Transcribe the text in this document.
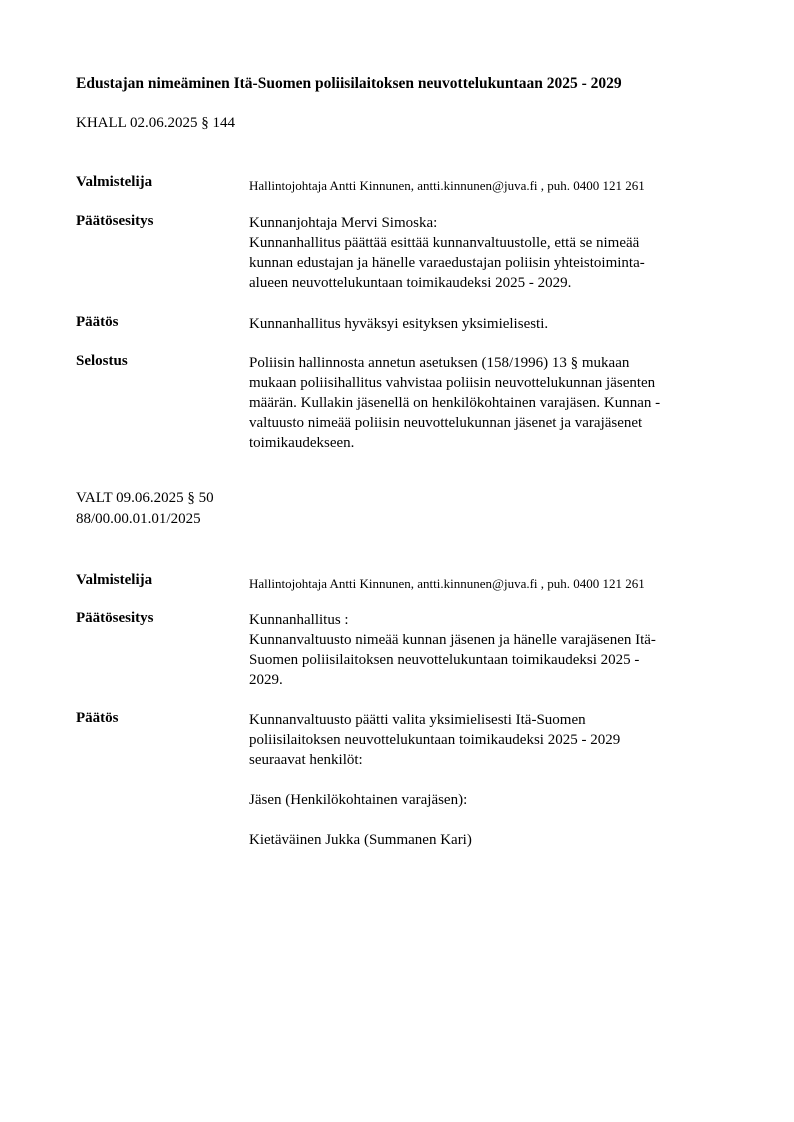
Edustajan nimeäminen Itä-Suomen poliisilaitoksen neuvottelukuntaan 2025 - 2029
KHALL 02.06.2025 § 144
Valmistelija	Hallintojohtaja Antti Kinnunen, antti.kinnunen@juva.fi , puh. 0400 121 261
Päätösesitys	Kunnanjohtaja Mervi Simoska:
Kunnanhallitus päättää esittää kunnanvaltuustolle, että se nimeää
kunnan edustajan ja hänelle varaedustajan poliisin yhteistoiminta-
alueen neuvottelukuntaan toimikaudeksi 2025 - 2029.
Päätös	Kunnanhallitus hyväksyi esityksen yksimielisesti.
Selostus	Poliisin hallinnosta annetun asetuksen (158/1996) 13 § mukaan
mukaan poliisihallitus vahvistaa poliisin neuvottelukunnan jäsenten
määrän. Kullakin jäsenellä on henkilökohtainen varajäsen. Kunnan -
valtuusto nimeää poliisin neuvottelukunnan jäsenet ja varajäsenet
toimikaudekseen.
VALT 09.06.2025 § 50
88/00.00.01.01/2025
Valmistelija	Hallintojohtaja Antti Kinnunen, antti.kinnunen@juva.fi , puh. 0400 121 261
Päätösesitys	Kunnanhallitus :
Kunnanvaltuusto nimeää kunnan jäsenen ja hänelle varajäsenen Itä-
Suomen poliisilaitoksen neuvottelukuntaan toimikaudeksi 2025 -
2029.
Päätös	Kunnanvaltuusto päätti valita yksimielisesti Itä-Suomen
poliisilaitoksen neuvottelukuntaan toimikaudeksi 2025 - 2029
seuraavat henkilöt:
Jäsen (Henkilökohtainen varajäsen):
Kietäväinen Jukka (Summanen Kari)
